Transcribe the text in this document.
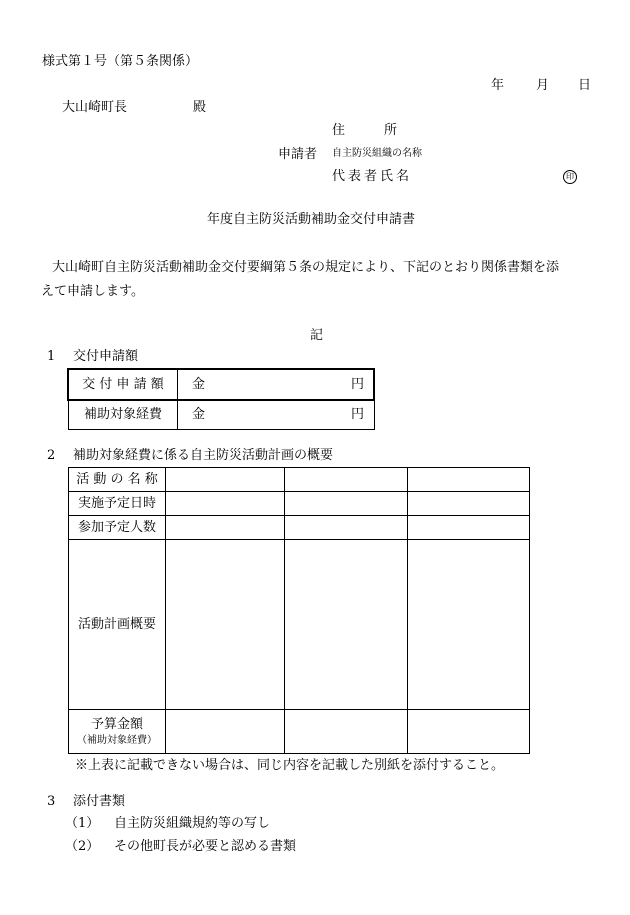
様式第１号（第５条関係）
年 月 日
大山崎町長	殿
住　　　所
申請者 自主防災組織の名称
代表者氏名	印
年度自主防災活動補助金交付申請書
大山崎町自主防災活動補助金交付要綱第５条の規定により、下記のとおり関係書類を添
えて申請します。
記
1 交付申請額
交 付 申 請 額	金 円

補助対象経費	金 円
2 補助対象経費に係る自主防災活動計画の概要
活 動 の 名 称			
実施予定日時			
参加予定人数			
活動計画概要			

予算金額
（補助対象経費）			

※上表に記載できない場合は、同じ内容を記載した別紙を添付すること。
3 添付書類
（1） 自主防災組織規約等の写し
（2） その他町長が必要と認める書類
